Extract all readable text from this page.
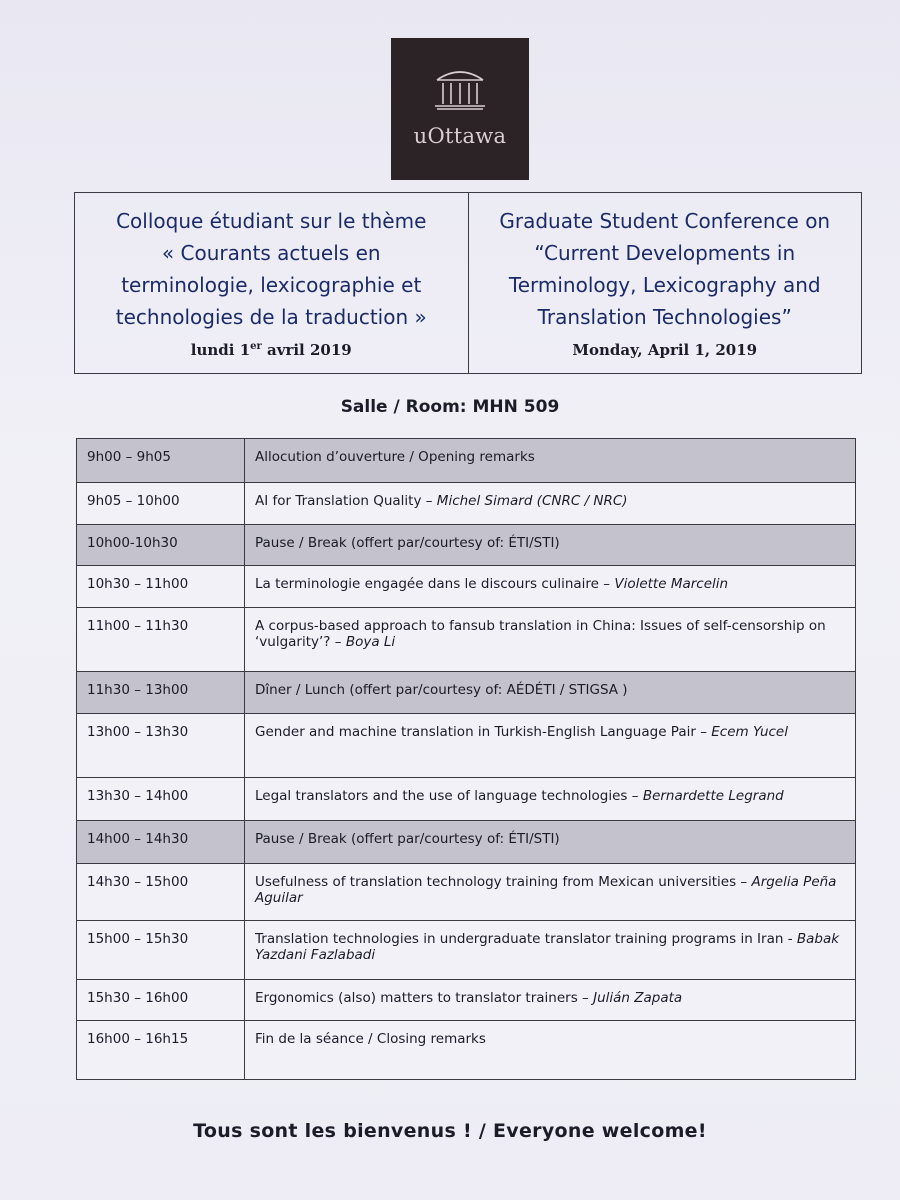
uOttawa
Colloque étudiant sur le thème
« Courants actuels en
terminologie, lexicographie et
technologies de la traduction »
lundi 1er avril 2019
Graduate Student Conference on
“Current Developments in
Terminology, Lexicography and
Translation Technologies”
Monday, April 1, 2019
Salle / Room: MHN 509
9h00 – 9h05	Allocution d’ouverture / Opening remarks
9h05 – 10h00	AI for Translation Quality – Michel Simard (CNRC / NRC)
10h00-10h30	Pause / Break (offert par/courtesy of: ÉTI/STI)
10h30 – 11h00	La terminologie engagée dans le discours culinaire – Violette Marcelin
11h00 – 11h30	A corpus-based approach to fansub translation in China: Issues of self-censorship on ‘vulgarity’? – Boya Li
11h30 – 13h00	Dîner / Lunch (offert par/courtesy of: AÉDÉTI / STIGSA )
13h00 – 13h30	Gender and machine translation in Turkish-English Language Pair – Ecem Yucel
13h30 – 14h00	Legal translators and the use of language technologies – Bernardette Legrand
14h00 – 14h30	Pause / Break (offert par/courtesy of: ÉTI/STI)
14h30 – 15h00	Usefulness of translation technology training from Mexican universities – Argelia Peña Aguilar
15h00 – 15h30	Translation technologies in undergraduate translator training programs in Iran - Babak Yazdani Fazlabadi
15h30 – 16h00	Ergonomics (also) matters to translator trainers – Julián Zapata
16h00 – 16h15	Fin de la séance / Closing remarks
Tous sont les bienvenus ! / Everyone welcome!
